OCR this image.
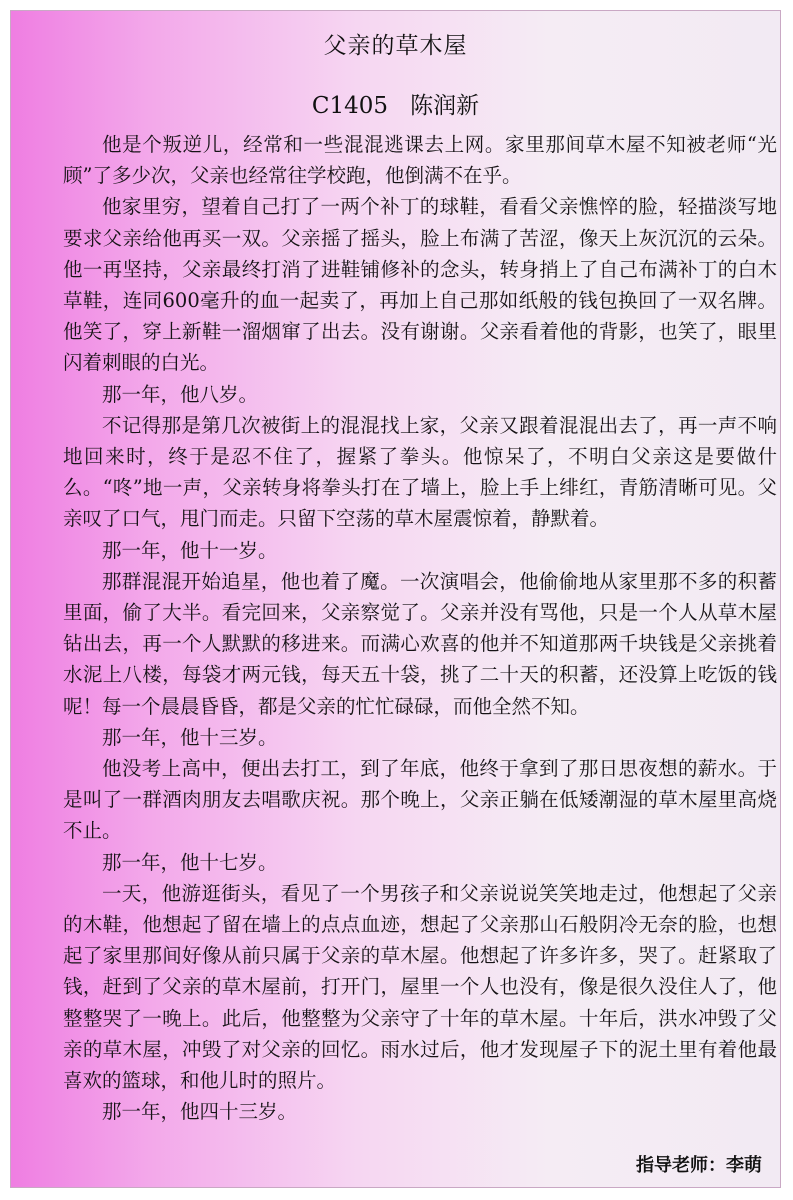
父亲的草木屋
C1405 陈润新

他是个叛逆儿，经常和一些混混逃课去上网。家里那间草木屋不知被老师“光顾”了多少次，父亲也经常往学校跑，他倒满不在乎。

他家里穷，望着自己打了一两个补丁的球鞋，看看父亲憔悴的脸，轻描淡写地要求父亲给他再买一双。父亲摇了摇头，脸上布满了苦涩，像天上灰沉沉的云朵。他一再坚持，父亲最终打消了进鞋铺修补的念头，转身捎上了自己布满补丁的白木草鞋，连同600毫升的血一起卖了，再加上自己那如纸般的钱包换回了一双名牌。他笑了，穿上新鞋一溜烟窜了出去。没有谢谢。父亲看着他的背影，也笑了，眼里闪着刺眼的白光。

那一年，他八岁。

不记得那是第几次被街上的混混找上家，父亲又跟着混混出去了，再一声不响地回来时，终于是忍不住了，握紧了拳头。他惊呆了，不明白父亲这是要做什么。“咚”地一声，父亲转身将拳头打在了墙上，脸上手上绯红，青筋清晰可见。父亲叹了口气，甩门而走。只留下空荡的草木屋震惊着，静默着。

那一年，他十一岁。

那群混混开始追星，他也着了魔。一次演唱会，他偷偷地从家里那不多的积蓄里面，偷了大半。看完回来，父亲察觉了。父亲并没有骂他，只是一个人从草木屋钻出去，再一个人默默的移进来。而满心欢喜的他并不知道那两千块钱是父亲挑着水泥上八楼，每袋才两元钱，每天五十袋，挑了二十天的积蓄，还没算上吃饭的钱呢！每一个晨晨昏昏，都是父亲的忙忙碌碌，而他全然不知。

那一年，他十三岁。

他没考上高中，便出去打工，到了年底，他终于拿到了那日思夜想的薪水。于是叫了一群酒肉朋友去唱歌庆祝。那个晚上，父亲正躺在低矮潮湿的草木屋里高烧不止。

那一年，他十七岁。

一天，他游逛街头，看见了一个男孩子和父亲说说笑笑地走过，他想起了父亲的木鞋，他想起了留在墙上的点点血迹，想起了父亲那山石般阴冷无奈的脸，也想起了家里那间好像从前只属于父亲的草木屋。他想起了许多许多，哭了。赶紧取了钱，赶到了父亲的草木屋前，打开门，屋里一个人也没有，像是很久没住人了，他整整哭了一晚上。此后，他整整为父亲守了十年的草木屋。十年后，洪水冲毁了父亲的草木屋，冲毁了对父亲的回忆。雨水过后，他才发现屋子下的泥土里有着他最喜欢的篮球，和他儿时的照片。

那一年，他四十三岁。

指导老师： 李萌
